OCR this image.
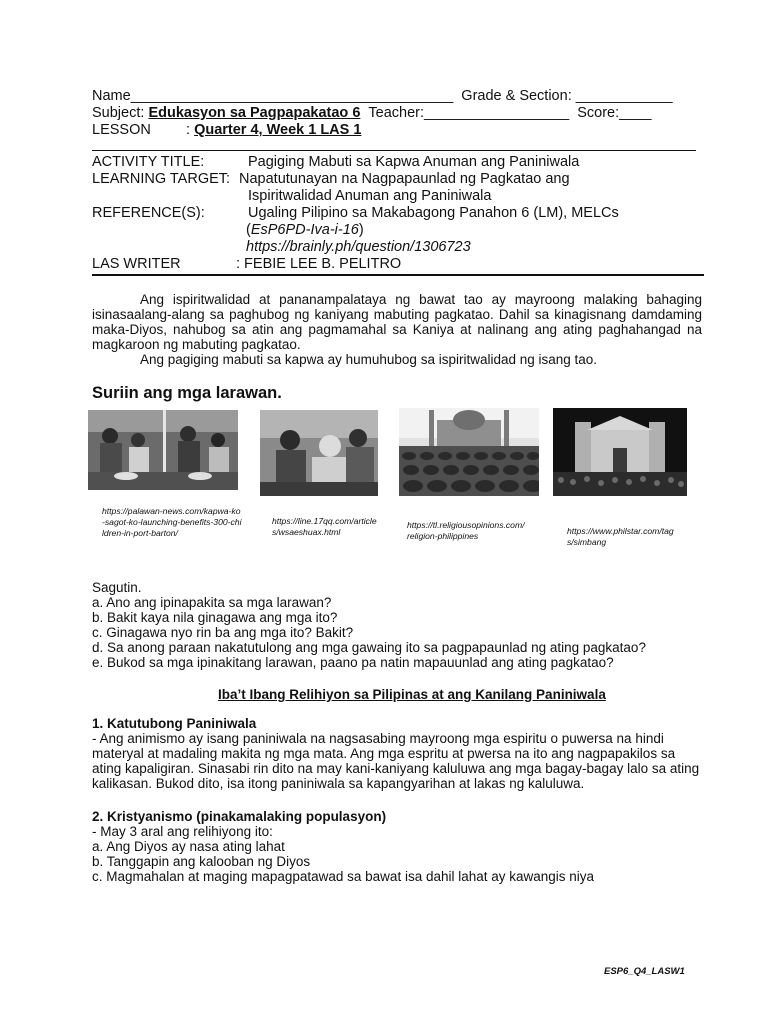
Name________________________________________ Grade & Section: ____________
Subject: Edukasyon sa Pagpapakatao 6 Teacher:__________________ Score:____
LESSON : Quarter 4, Week 1 LAS 1
ACTIVITY TITLE:	Pagiging Mabuti sa Kapwa Anuman ang Paniniwala
LEARNING TARGET: Napatutunayan na Nagpapaunlad ng Pagkatao ang
Ispiritwalidad Anuman ang Paniniwala
REFERENCE(S):	Ugaling Pilipino sa Makabagong Panahon 6 (LM), MELCs
(EsP6PD-Iva-i-16)
https://brainly.ph/question/1306723
LAS WRITER	: FEBIE LEE B. PELITRO

Ang ispiritwalidad at pananampalataya ng bawat tao ay mayroong malaking bahaging isinasaalang-alang sa paghubog ng kaniyang mabuting pagkatao. Dahil sa kinagisnang damdaming maka-Diyos, nahubog sa atin ang pagmamahal sa Kaniya at nalinang ang ating paghahangad na magkaroon ng mabuting pagkatao.

Ang pagiging mabuti sa kapwa ay humuhubog sa ispiritwalidad ng isang tao.

Suriin ang mga larawan.
https://palawan-news.com/kapwa-ko-sagot-ko-launching-benefits-300-children-in-port-barton/
https://line.17qq.com/articles/wsaeshuax.html
https://tl.religiousopinions.com/religion-philippines	https://www.philstar.com/tags/simbang
Sagutin.
a. Ano ang ipinapakita sa mga larawan?
b. Bakit kaya nila ginagawa ang mga ito?
c. Ginagawa nyo rin ba ang mga ito? Bakit?
d. Sa anong paraan nakatutulong ang mga gawaing ito sa pagpapaunlad ng ating pagkatao?
e. Bukod sa mga ipinakitang larawan, paano pa natin mapauunlad ang ating pagkatao?
Iba’t Ibang Relihiyon sa Pilipinas at ang Kanilang Paniniwala
1. Katutubong Paniniwala
- Ang animismo ay isang paniniwala na nagsasabing mayroong mga espiritu o puwersa na hindi materyal at madaling makita ng mga mata. Ang mga espritu at pwersa na ito ang nagpapakilos sa ating kapaligiran. Sinasabi rin dito na may kani-kaniyang kaluluwa ang mga bagay-bagay lalo sa ating kalikasan. Bukod dito, isa itong paniniwala sa kapangyarihan at lakas ng kaluluwa.
2. Kristyanismo (pinakamalaking populasyon)
- May 3 aral ang relihiyong ito:
a. Ang Diyos ay nasa ating lahat
b. Tanggapin ang kalooban ng Diyos
c. Magmahalan at maging mapagpatawad sa bawat isa dahil lahat ay kawangis niya
ESP6_Q4_LASW1
